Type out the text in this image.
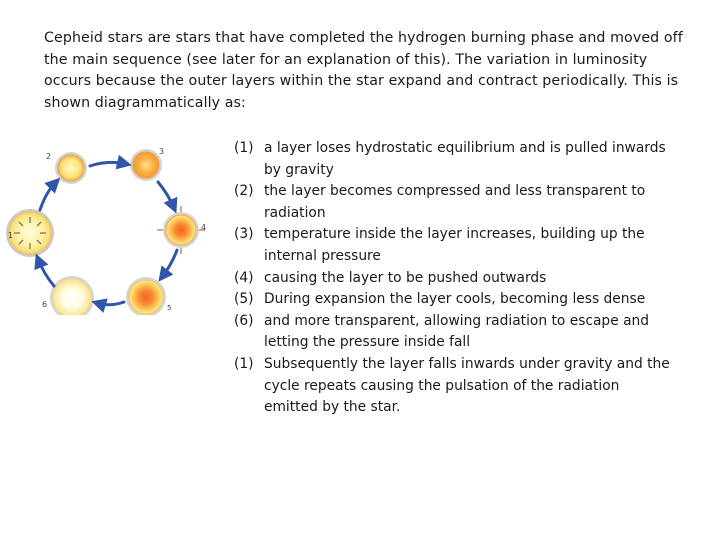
Cepheid stars are stars that have completed the hydrogen burning phase and moved off the main sequence (see later for an explanation of this). The variation in luminosity occurs because the outer layers within the star expand and contract periodically. This is shown diagrammatically as:
1
2
3
4
5
6
(1) a layer loses hydrostatic equilibrium and is pulled inwards by gravity
(2) the layer becomes compressed and less transparent to radiation
(3) temperature inside the layer increases, building up the internal pressure
(4) causing the layer to be pushed outwards
(5) During expansion the layer cools, becoming less dense
(6) and more transparent, allowing radiation to escape and letting the pressure inside fall
(1) Subsequently the layer falls inwards under gravity and the cycle repeats causing the pulsation of the radiation emitted by the star.
